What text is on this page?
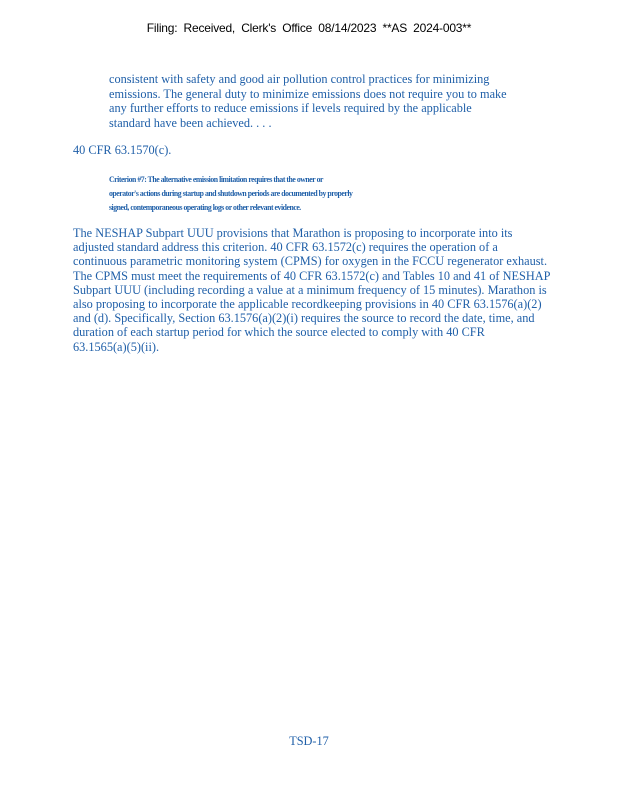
Filing: Received, Clerk's Office 08/14/2023 **AS 2024-003**
consistent with safety and good air pollution control practices for minimizing
emissions. The general duty to minimize emissions does not require you to make
any further efforts to reduce emissions if levels required by the applicable
standard have been achieved. . . .
40 CFR 63.1570(c).
Criterion #7: The alternative emission limitation requires that the owner or
operator's actions during startup and shutdown periods are documented by properly
signed, contemporaneous operating logs or other relevant evidence.
The NESHAP Subpart UUU provisions that Marathon is proposing to incorporate into its
adjusted standard address this criterion. 40 CFR 63.1572(c) requires the operation of a
continuous parametric monitoring system (CPMS) for oxygen in the FCCU regenerator exhaust.
The CPMS must meet the requirements of 40 CFR 63.1572(c) and Tables 10 and 41 of NESHAP
Subpart UUU (including recording a value at a minimum frequency of 15 minutes). Marathon is
also proposing to incorporate the applicable recordkeeping provisions in 40 CFR 63.1576(a)(2)
and (d). Specifically, Section 63.1576(a)(2)(i) requires the source to record the date, time, and
duration of each startup period for which the source elected to comply with 40 CFR
63.1565(a)(5)(ii).
TSD-17
